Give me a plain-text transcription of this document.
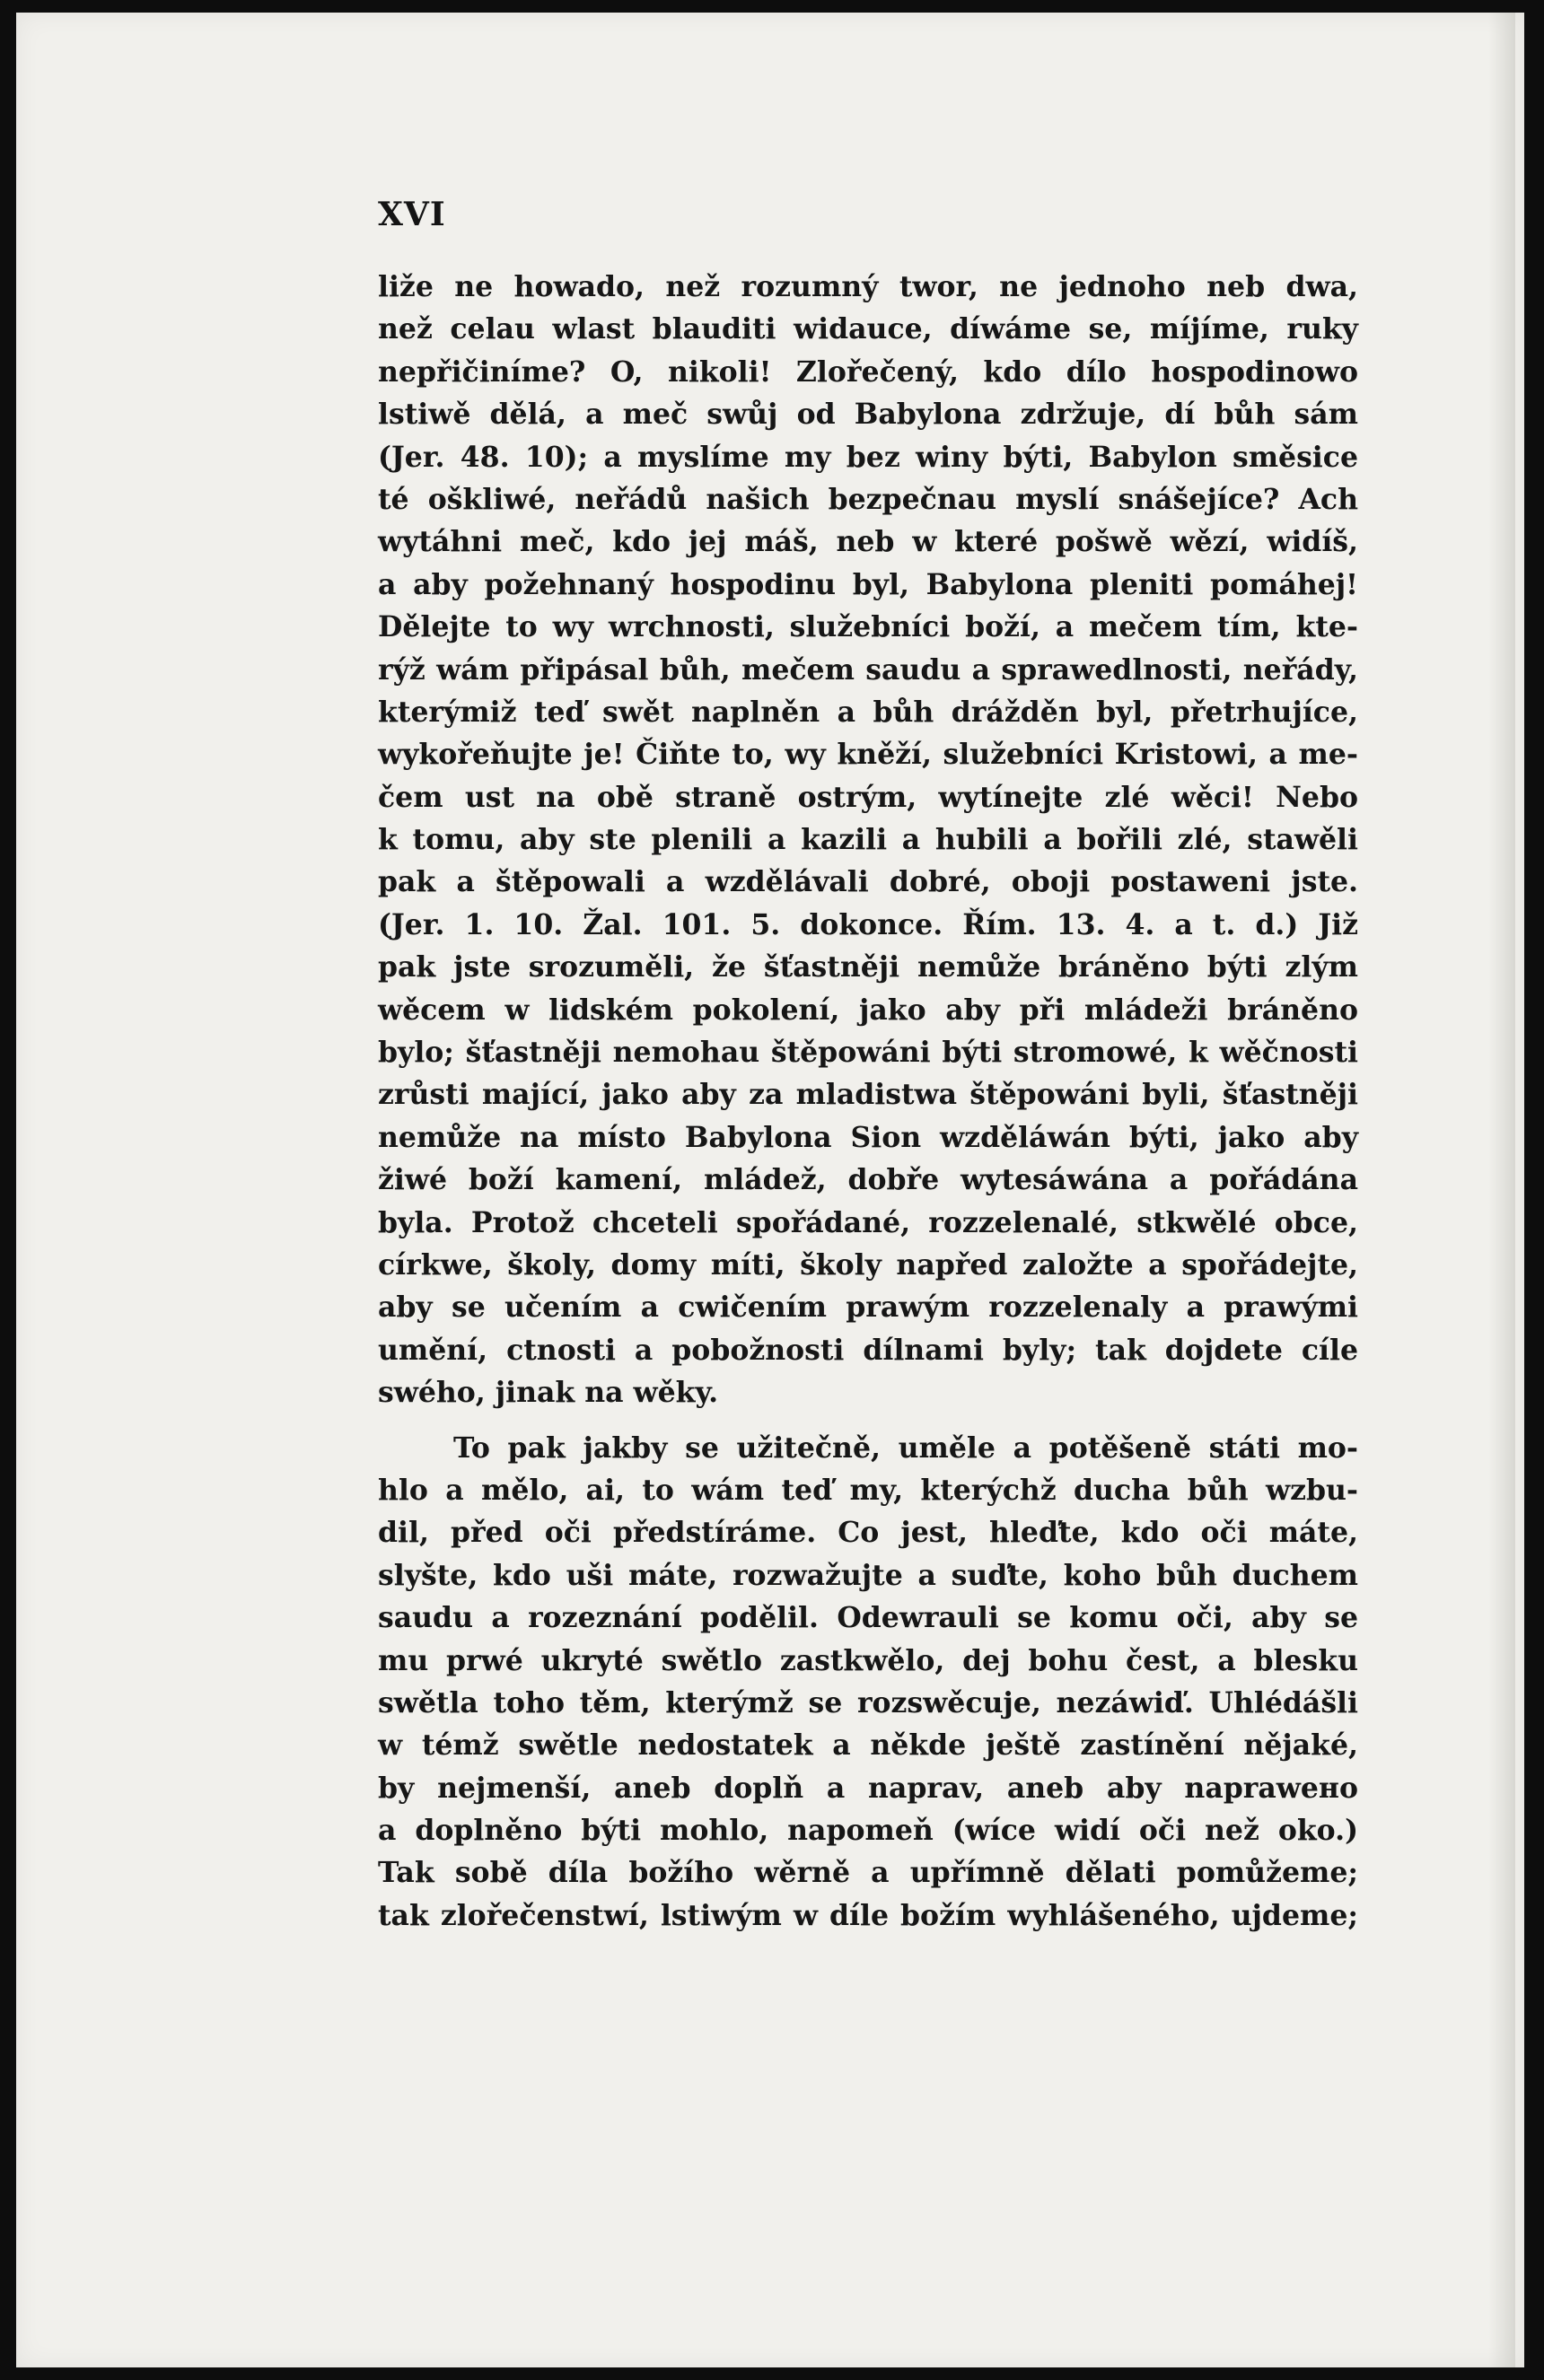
XVI
liže ne howado, než rozumný twor, ne jednoho neb dwa,
než celau wlast blauditi widauce, díwáme se, míjíme, ruky
nepřičiníme? O, nikoli! Zlořečený, kdo dílo hospodinowo
lstiwě dělá, a meč swůj od Babylona zdržuje, dí bůh sám
(Jer. 48. 10); a myslíme my bez winy býti, Babylon směsice
té oškliwé, neřádů našich bezpečnau myslí snášejíce? Ach
wytáhni meč, kdo jej máš, neb w které pošwě wězí, widíš,
a aby požehnaný hospodinu byl, Babylona pleniti pomáhej!
Dělejte to wy wrchnosti, služebníci boží, a mečem tím, kte-
rýž wám připásal bůh, mečem saudu a sprawedlnosti, neřády,
kterýmiž teď swět naplněn a bůh drážděn byl, přetrhujíce,
wykořeňujte je! Čiňte to, wy kněží, služebníci Kristowi, a me-
čem ust na obě straně ostrým, wytínejte zlé wěci! Nebo
k tomu, aby ste plenili a kazili a hubili a bořili zlé, stawěli
pak a štěpowali a wzdělávali dobré, oboji postaweni jste.
(Jer. 1. 10. Žal. 101. 5. dokonce. Řím. 13. 4. a t. d.) Již
pak jste srozuměli, že šťastněji nemůže bráněno býti zlým
wěcem w lidském pokolení, jako aby při mládeži bráněno
bylo; šťastněji nemohau štěpowáni býti stromowé, k wěčnosti
zrůsti mající, jako aby za mladistwa štěpowáni byli, šťastněji
nemůže na místo Babylona Sion wzděláwán býti, jako aby
žiwé boží kamení, mládež, dobře wytesáwána a pořádána
byla. Protož chceteli spořádané, rozzelenalé, stkwělé obce,
církwe, školy, domy míti, školy napřed založte a spořádejte,
aby se učením a cwičením prawým rozzelenaly a prawými
umění, ctnosti a pobožnosti dílnami byly; tak dojdete cíle
swého, jinak na wěky.
To pak jakby se užitečně, uměle a potěšeně státi mo-
hlo a mělo, ai, to wám teď my, kterýchž ducha bůh wzbu-
dil, před oči předstíráme. Co jest, hleďte, kdo oči máte,
slyšte, kdo uši máte, rozwažujte a suďte, koho bůh duchem
saudu a rozeznání podělil. Odewrauli se komu oči, aby se
mu prwé ukryté swětlo zastkwělo, dej bohu čest, a blesku
swětla toho těm, kterýmž se rozswěcuje, nezáwiď. Uhlédášli
w témž swětle nedostatek a někde ještě zastínění nějaké,
by nejmenší, aneb doplň a naprav, aneb aby naprawено
a doplněno býti mohlo, napomeň (wíce widí oči než oko.)
Tak sobě díla božího wěrně a upřímně dělati pomůžeme;
tak zlořečenstwí, lstiwým w díle božím wyhlášeného, ujdeme;
